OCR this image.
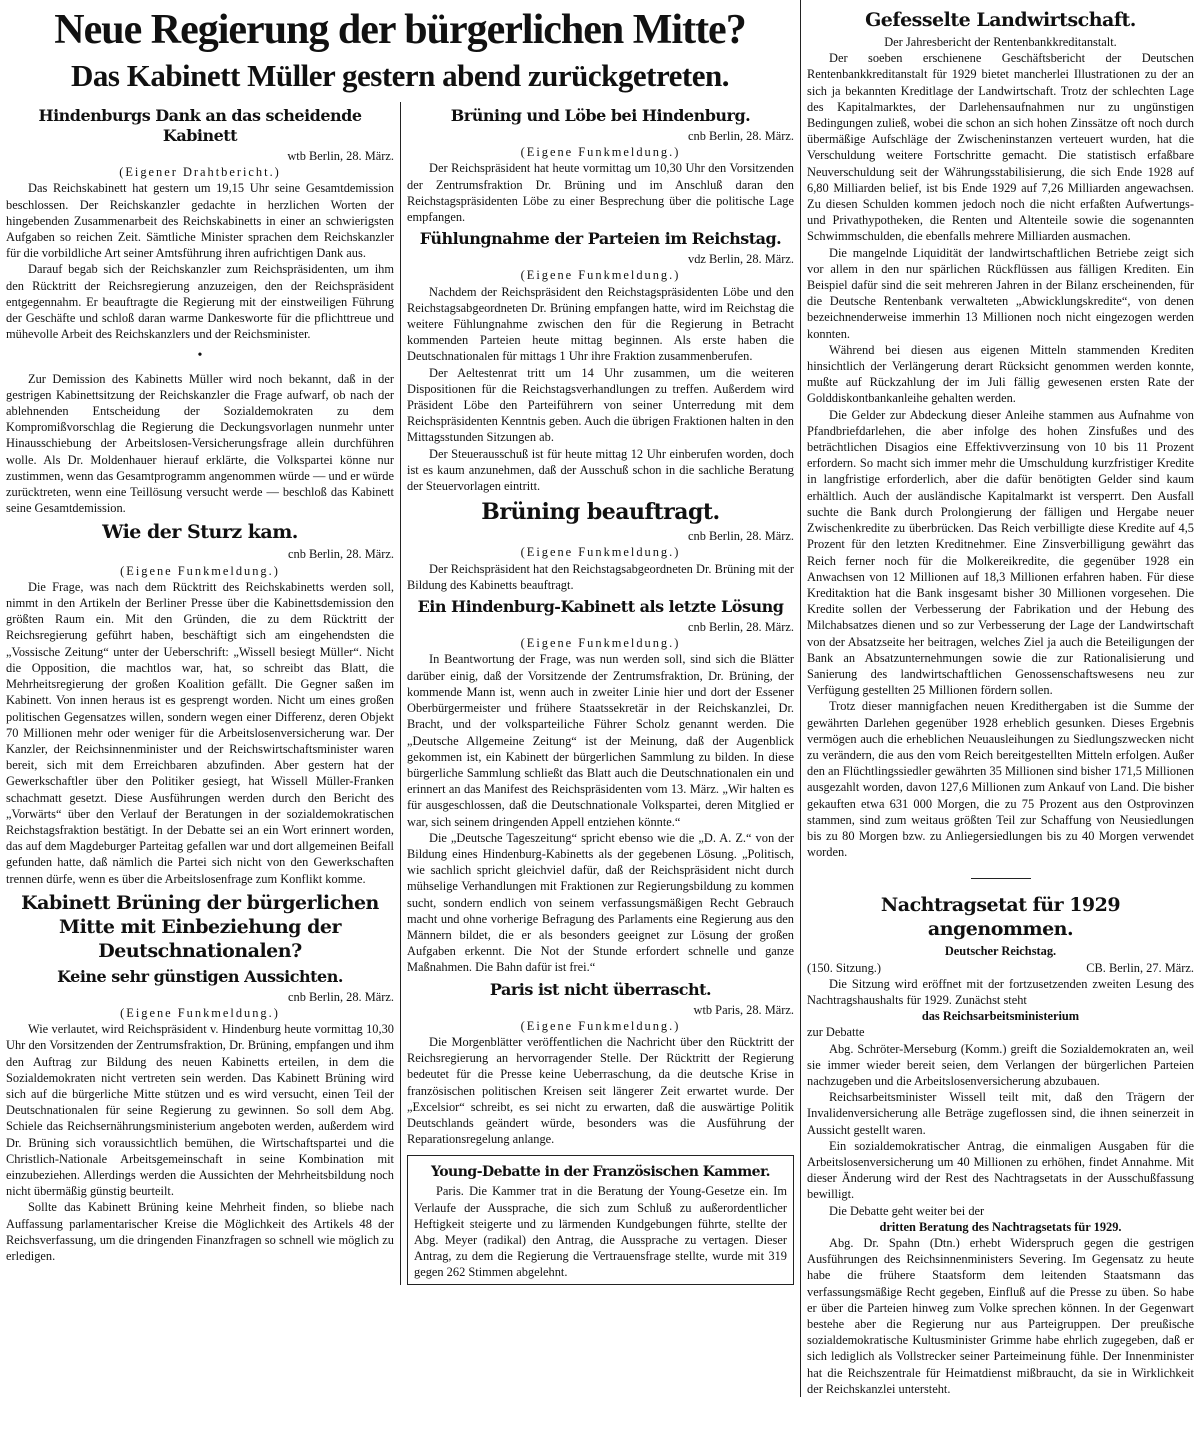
Neue Regierung der bürgerlichen Mitte?
Das Kabinett Müller gestern abend zurückgetreten.
Hindenburgs Dank an das scheidende Kabinett
wtb Berlin, 28. März.
(Eigener Drahtbericht.)

Das Reichskabinett hat gestern um 19,15 Uhr seine Gesamtdemission beschlossen. Der Reichskanzler gedachte in herzlichen Worten der hingebenden Zusammenarbeit des Reichskabinetts in einer an schwierigsten Aufgaben so reichen Zeit. Sämtliche Minister sprachen dem Reichskanzler für die vorbildliche Art seiner Amtsführung ihren aufrichtigen Dank aus.

Darauf begab sich der Reichskanzler zum Reichspräsidenten, um ihm den Rücktritt der Reichsregierung anzuzeigen, den der Reichspräsident entgegennahm. Er beauftragte die Regierung mit der einstweiligen Führung der Geschäfte und schloß daran warme Dankesworte für die pflichttreue und mühevolle Arbeit des Reichskanzlers und der Reichsminister.

•

Zur Demission des Kabinetts Müller wird noch bekannt, daß in der gestrigen Kabinettsitzung der Reichskanzler die Frage aufwarf, ob nach der ablehnenden Entscheidung der Sozialdemokraten zu dem Kompromißvorschlag die Regierung die Deckungsvorlagen nunmehr unter Hinausschiebung der Arbeitslosen-Versicherungsfrage allein durchführen wolle. Als Dr. Moldenhauer hierauf erklärte, die Volkspartei könne nur zustimmen, wenn das Gesamtprogramm angenommen würde — und er würde zurücktreten, wenn eine Teillösung versucht werde — beschloß das Kabinett seine Gesamtdemission.

Wie der Sturz kam.
cnb Berlin, 28. März.
(Eigene Funkmeldung.)

Die Frage, was nach dem Rücktritt des Reichskabinetts werden soll, nimmt in den Artikeln der Berliner Presse über die Kabinettsdemission den größten Raum ein. Mit den Gründen, die zu dem Rücktritt der Reichsregierung geführt haben, beschäftigt sich am eingehendsten die „Vossische Zeitung“ unter der Ueberschrift: „Wissell besiegt Müller“. Nicht die Opposition, die machtlos war, hat, so schreibt das Blatt, die Mehrheitsregierung der großen Koalition gefällt. Die Gegner saßen im Kabinett. Von innen heraus ist es gesprengt worden. Nicht um eines großen politischen Gegensatzes willen, sondern wegen einer Differenz, deren Objekt 70 Millionen mehr oder weniger für die Arbeitslosenversicherung war. Der Kanzler, der Reichsinnenminister und der Reichswirtschaftsminister waren bereit, sich mit dem Erreichbaren abzufinden. Aber gestern hat der Gewerkschaftler über den Politiker gesiegt, hat Wissell Müller-Franken schachmatt gesetzt. Diese Ausführungen werden durch den Bericht des „Vorwärts“ über den Verlauf der Beratungen in der sozialdemokratischen Reichstagsfraktion bestätigt. In der Debatte sei an ein Wort erinnert worden, das auf dem Magdeburger Parteitag gefallen war und dort allgemeinen Beifall gefunden hatte, daß nämlich die Partei sich nicht von den Gewerkschaften trennen dürfe, wenn es über die Arbeitslosenfrage zum Konflikt komme.

Kabinett Brüning der bürgerlichen Mitte mit Einbeziehung der Deutschnationalen?
Keine sehr günstigen Aussichten.
cnb Berlin, 28. März.
(Eigene Funkmeldung.)

Wie verlautet, wird Reichspräsident v. Hindenburg heute vormittag 10,30 Uhr den Vorsitzenden der Zentrumsfraktion, Dr. Brüning, empfangen und ihm den Auftrag zur Bildung des neuen Kabinetts erteilen, in dem die Sozialdemokraten nicht vertreten sein werden. Das Kabinett Brüning wird sich auf die bürgerliche Mitte stützen und es wird versucht, einen Teil der Deutschnationalen für seine Regierung zu gewinnen. So soll dem Abg. Schiele das Reichsernährungsministerium angeboten werden, außerdem wird Dr. Brüning sich voraussichtlich bemühen, die Wirtschaftspartei und die Christlich-Nationale Arbeitsgemeinschaft in seine Kombination mit einzubeziehen. Allerdings werden die Aussichten der Mehrheitsbildung noch nicht übermäßig günstig beurteilt.

Sollte das Kabinett Brüning keine Mehrheit finden, so bliebe nach Auffassung parlamentarischer Kreise die Möglichkeit des Artikels 48 der Reichsverfassung, um die dringenden Finanzfragen so schnell wie möglich zu erledigen.

Brüning und Löbe bei Hindenburg.
cnb Berlin, 28. März.
(Eigene Funkmeldung.)

Der Reichspräsident hat heute vormittag um 10,30 Uhr den Vorsitzenden der Zentrumsfraktion Dr. Brüning und im Anschluß daran den Reichstagspräsidenten Löbe zu einer Besprechung über die politische Lage empfangen.

Fühlungnahme der Parteien im Reichstag.
vdz Berlin, 28. März.
(Eigene Funkmeldung.)

Nachdem der Reichspräsident den Reichstagspräsidenten Löbe und den Reichstagsabgeordneten Dr. Brüning empfangen hatte, wird im Reichstag die weitere Fühlungnahme zwischen den für die Regierung in Betracht kommenden Parteien heute mittag beginnen. Als erste haben die Deutschnationalen für mittags 1 Uhr ihre Fraktion zusammenberufen.

Der Aeltestenrat tritt um 14 Uhr zusammen, um die weiteren Dispositionen für die Reichstagsverhandlungen zu treffen. Außerdem wird Präsident Löbe den Parteiführern von seiner Unterredung mit dem Reichspräsidenten Kenntnis geben. Auch die übrigen Fraktionen halten in den Mittagsstunden Sitzungen ab.

Der Steuerausschuß ist für heute mittag 12 Uhr einberufen worden, doch ist es kaum anzunehmen, daß der Ausschuß schon in die sachliche Beratung der Steuervorlagen eintritt.

Brüning beauftragt.
cnb Berlin, 28. März.
(Eigene Funkmeldung.)

Der Reichspräsident hat den Reichstagsabgeordneten Dr. Brüning mit der Bildung des Kabinetts beauftragt.

Ein Hindenburg-Kabinett als letzte Lösung
cnb Berlin, 28. März.
(Eigene Funkmeldung.)

In Beantwortung der Frage, was nun werden soll, sind sich die Blätter darüber einig, daß der Vorsitzende der Zentrumsfraktion, Dr. Brüning, der kommende Mann ist, wenn auch in zweiter Linie hier und dort der Essener Oberbürgermeister und frühere Staatssekretär in der Reichskanzlei, Dr. Bracht, und der volksparteiliche Führer Scholz genannt werden. Die „Deutsche Allgemeine Zeitung“ ist der Meinung, daß der Augenblick gekommen ist, ein Kabinett der bürgerlichen Sammlung zu bilden. In diese bürgerliche Sammlung schließt das Blatt auch die Deutschnationalen ein und erinnert an das Manifest des Reichspräsidenten vom 13. März. „Wir halten es für ausgeschlossen, daß die Deutschnationale Volkspartei, deren Mitglied er war, sich seinem dringenden Appell entziehen könnte.“

Die „Deutsche Tageszeitung“ spricht ebenso wie die „D. A. Z.“ von der Bildung eines Hindenburg-Kabinetts als der gegebenen Lösung. „Politisch, wie sachlich spricht gleichviel dafür, daß der Reichspräsident nicht durch mühselige Verhandlungen mit Fraktionen zur Regierungsbildung zu kommen sucht, sondern endlich von seinem verfassungsmäßigen Recht Gebrauch macht und ohne vorherige Befragung des Parlaments eine Regierung aus den Männern bildet, die er als besonders geeignet zur Lösung der großen Aufgaben erkennt. Die Not der Stunde erfordert schnelle und ganze Maßnahmen. Die Bahn dafür ist frei.“

Paris ist nicht überrascht.
wtb Paris, 28. März.
(Eigene Funkmeldung.)

Die Morgenblätter veröffentlichen die Nachricht über den Rücktritt der Reichsregierung an hervorragender Stelle. Der Rücktritt der Regierung bedeutet für die Presse keine Ueberraschung, da die deutsche Krise in französischen politischen Kreisen seit längerer Zeit erwartet wurde. Der „Excelsior“ schreibt, es sei nicht zu erwarten, daß die auswärtige Politik Deutschlands geändert würde, besonders was die Ausführung der Reparationsregelung anlange.

Young-Debatte in der Französischen Kammer.

Paris. Die Kammer trat in die Beratung der Young-Gesetze ein. Im Verlaufe der Aussprache, die sich zum Schluß zu außerordentlicher Heftigkeit steigerte und zu lärmenden Kundgebungen führte, stellte der Abg. Meyer (radikal) den Antrag, die Aussprache zu vertagen. Dieser Antrag, zu dem die Regierung die Vertrauensfrage stellte, wurde mit 319 gegen 262 Stimmen abgelehnt.

Gefesselte Landwirtschaft.
Der Jahresbericht der Rentenbankkreditanstalt.

Der soeben erschienene Geschäftsbericht der Deutschen Rentenbankkreditanstalt für 1929 bietet mancherlei Illustrationen zu der an sich ja bekannten Kreditlage der Landwirtschaft. Trotz der schlechten Lage des Kapitalmarktes, der Darlehensaufnahmen nur zu ungünstigen Bedingungen zuließ, wobei die schon an sich hohen Zinssätze oft noch durch übermäßige Aufschläge der Zwischeninstanzen verteuert wurden, hat die Verschuldung weitere Fortschritte gemacht. Die statistisch erfaßbare Neuverschuldung seit der Währungsstabilisierung, die sich Ende 1928 auf 6,80 Milliarden belief, ist bis Ende 1929 auf 7,26 Milliarden angewachsen. Zu diesen Schulden kommen jedoch noch die nicht erfaßten Aufwertungs- und Privathypotheken, die Renten und Altenteile sowie die sogenannten Schwimmschulden, die ebenfalls mehrere Milliarden ausmachen.

Die mangelnde Liquidität der landwirtschaftlichen Betriebe zeigt sich vor allem in den nur spärlichen Rückflüssen aus fälligen Krediten. Ein Beispiel dafür sind die seit mehreren Jahren in der Bilanz erscheinenden, für die Deutsche Rentenbank verwalteten „Abwicklungskredite“, von denen bezeichnenderweise immerhin 13 Millionen noch nicht eingezogen werden konnten.

Während bei diesen aus eigenen Mitteln stammenden Krediten hinsichtlich der Verlängerung derart Rücksicht genommen werden konnte, mußte auf Rückzahlung der im Juli fällig gewesenen ersten Rate der Golddiskontbankanleihe gehalten werden.

Die Gelder zur Abdeckung dieser Anleihe stammen aus Aufnahme von Pfandbriefdarlehen, die aber infolge des hohen Zinsfußes und des beträchtlichen Disagios eine Effektivverzinsung von 10 bis 11 Prozent erfordern. So macht sich immer mehr die Umschuldung kurzfristiger Kredite in langfristige erforderlich, aber die dafür benötigten Gelder sind kaum erhältlich. Auch der ausländische Kapitalmarkt ist versperrt. Den Ausfall suchte die Bank durch Prolongierung der fälligen und Hergabe neuer Zwischenkredite zu überbrücken. Das Reich verbilligte diese Kredite auf 4,5 Prozent für den letzten Kreditnehmer. Eine Zinsverbilligung gewährt das Reich ferner noch für die Molkereikredite, die gegenüber 1928 ein Anwachsen von 12 Millionen auf 18,3 Millionen erfahren haben. Für diese Kreditaktion hat die Bank insgesamt bisher 30 Millionen vorgesehen. Die Kredite sollen der Verbesserung der Fabrikation und der Hebung des Milchabsatzes dienen und so zur Verbesserung der Lage der Landwirtschaft von der Absatzseite her beitragen, welches Ziel ja auch die Beteiligungen der Bank an Absatzunternehmungen sowie die zur Rationalisierung und Sanierung des landwirtschaftlichen Genossenschaftswesens neu zur Verfügung gestellten 25 Millionen fördern sollen.

Trotz dieser mannigfachen neuen Kredithergaben ist die Summe der gewährten Darlehen gegenüber 1928 erheblich gesunken. Dieses Ergebnis vermögen auch die erheblichen Neuausleihungen zu Siedlungszwecken nicht zu verändern, die aus den vom Reich bereitgestellten Mitteln erfolgen. Außer den an Flüchtlingssiedler gewährten 35 Millionen sind bisher 171,5 Millionen ausgezahlt worden, davon 127,6 Millionen zum Ankauf von Land. Die bisher gekauften etwa 631 000 Morgen, die zu 75 Prozent aus den Ostprovinzen stammen, sind zum weitaus größten Teil zur Schaffung von Neusiedlungen bis zu 80 Morgen bzw. zu Anliegersiedlungen bis zu 40 Morgen verwendet worden.

Nachtragsetat für 1929 angenommen.
Deutscher Reichstag.
(150. Sitzung.)	CB. Berlin, 27. März.

Die Sitzung wird eröffnet mit der fortzusetzenden zweiten Lesung des Nachtragshaushalts für 1929. Zunächst steht

das Reichsarbeitsministerium

zur Debatte

Abg. Schröter-Merseburg (Komm.) greift die Sozialdemokraten an, weil sie immer wieder bereit seien, dem Verlangen der bürgerlichen Parteien nachzugeben und die Arbeitslosenversicherung abzubauen.

Reichsarbeitsminister Wissell teilt mit, daß den Trägern der Invalidenversicherung alle Beträge zugeflossen sind, die ihnen seinerzeit in Aussicht gestellt waren.

Ein sozialdemokratischer Antrag, die einmaligen Ausgaben für die Arbeitslosenversicherung um 40 Millionen zu erhöhen, findet Annahme. Mit dieser Änderung wird der Rest des Nachtragsetats in der Ausschußfassung bewilligt.

Die Debatte geht weiter bei der

dritten Beratung des Nachtragsetats für 1929.

Abg. Dr. Spahn (Dtn.) erhebt Widerspruch gegen die gestrigen Ausführungen des Reichsinnenministers Severing. Im Gegensatz zu heute habe die frühere Staatsform dem leitenden Staatsmann das verfassungsmäßige Recht gegeben, Einfluß auf die Presse zu üben. So habe er über die Parteien hinweg zum Volke sprechen können. In der Gegenwart bestehe aber die Regierung nur aus Parteigruppen. Der preußische sozialdemokratische Kultusminister Grimme habe ehrlich zugegeben, daß er sich lediglich als Vollstrecker seiner Parteimeinung fühle. Der Innenminister hat die Reichszentrale für Heimatdienst mißbraucht, da sie in Wirklichkeit der Reichskanzlei untersteht.
